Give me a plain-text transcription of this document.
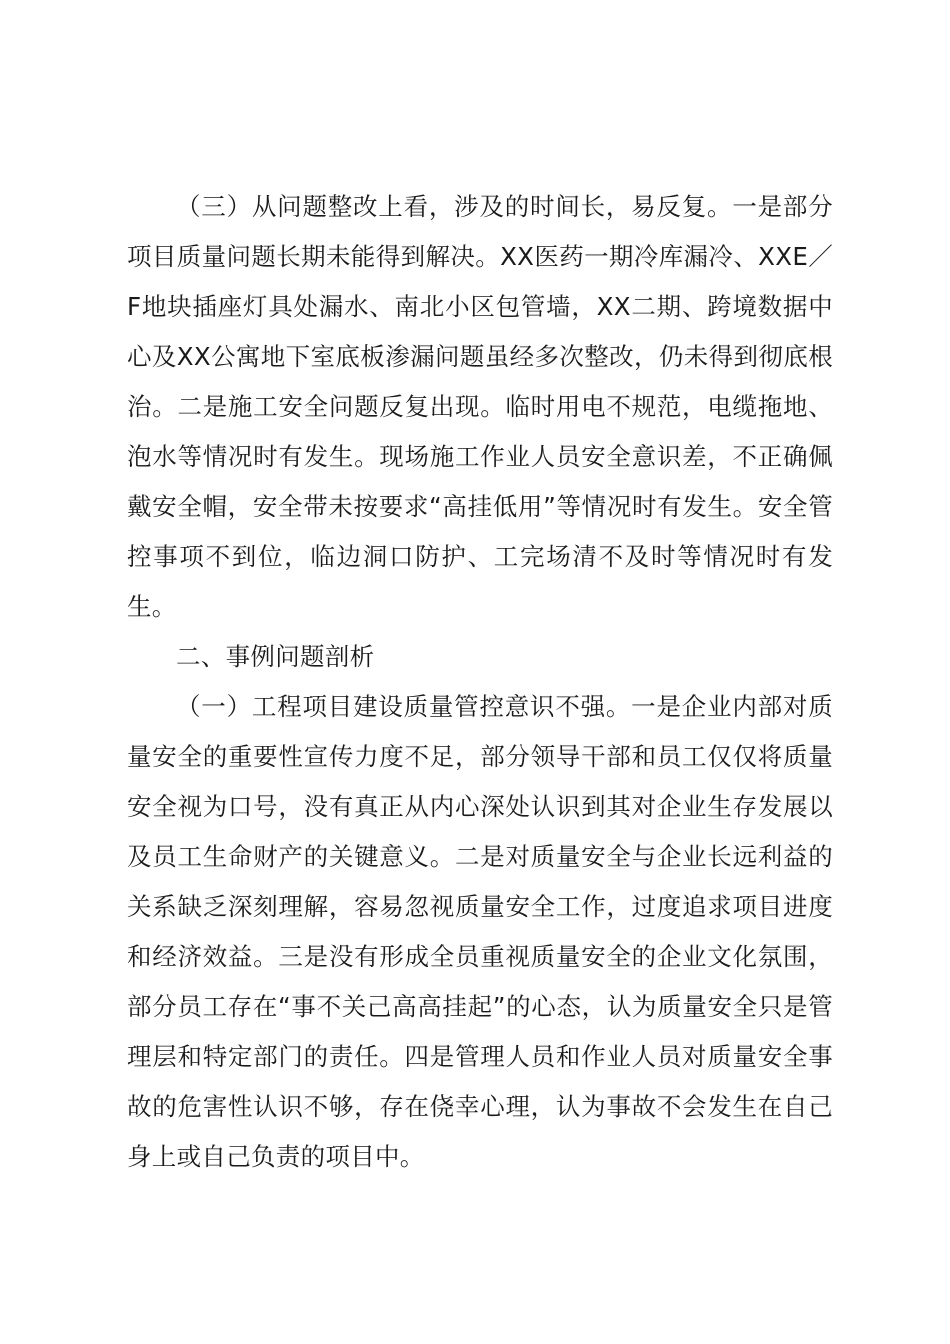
（三）从问题整改上看，涉及的时间长，易反复。一是部分项目质量问题长期未能得到解决。XX医药一期冷库漏冷、XXE／F地块插座灯具处漏水、南北小区包管墙，XX二期、跨境数据中心及XX公寓地下室底板渗漏问题虽经多次整改，仍未得到彻底根治。二是施工安全问题反复出现。临时用电不规范，电缆拖地、泡水等情况时有发生。现场施工作业人员安全意识差，不正确佩戴安全帽，安全带未按要求“高挂低用”等情况时有发生。安全管控事项不到位，临边洞口防护、工完场清不及时等情况时有发生。

二、事例问题剖析

（一）工程项目建设质量管控意识不强。一是企业内部对质量安全的重要性宣传力度不足，部分领导干部和员工仅仅将质量安全视为口号，没有真正从内心深处认识到其对企业生存发展以及员工生命财产的关键意义。二是对质量安全与企业长远利益的关系缺乏深刻理解，容易忽视质量安全工作，过度追求项目进度和经济效益。三是没有形成全员重视质量安全的企业文化氛围，部分员工存在“事不关己高高挂起”的心态，认为质量安全只是管理层和特定部门的责任。四是管理人员和作业人员对质量安全事故的危害性认识不够，存在侥幸心理，认为事故不会发生在自己身上或自己负责的项目中。
